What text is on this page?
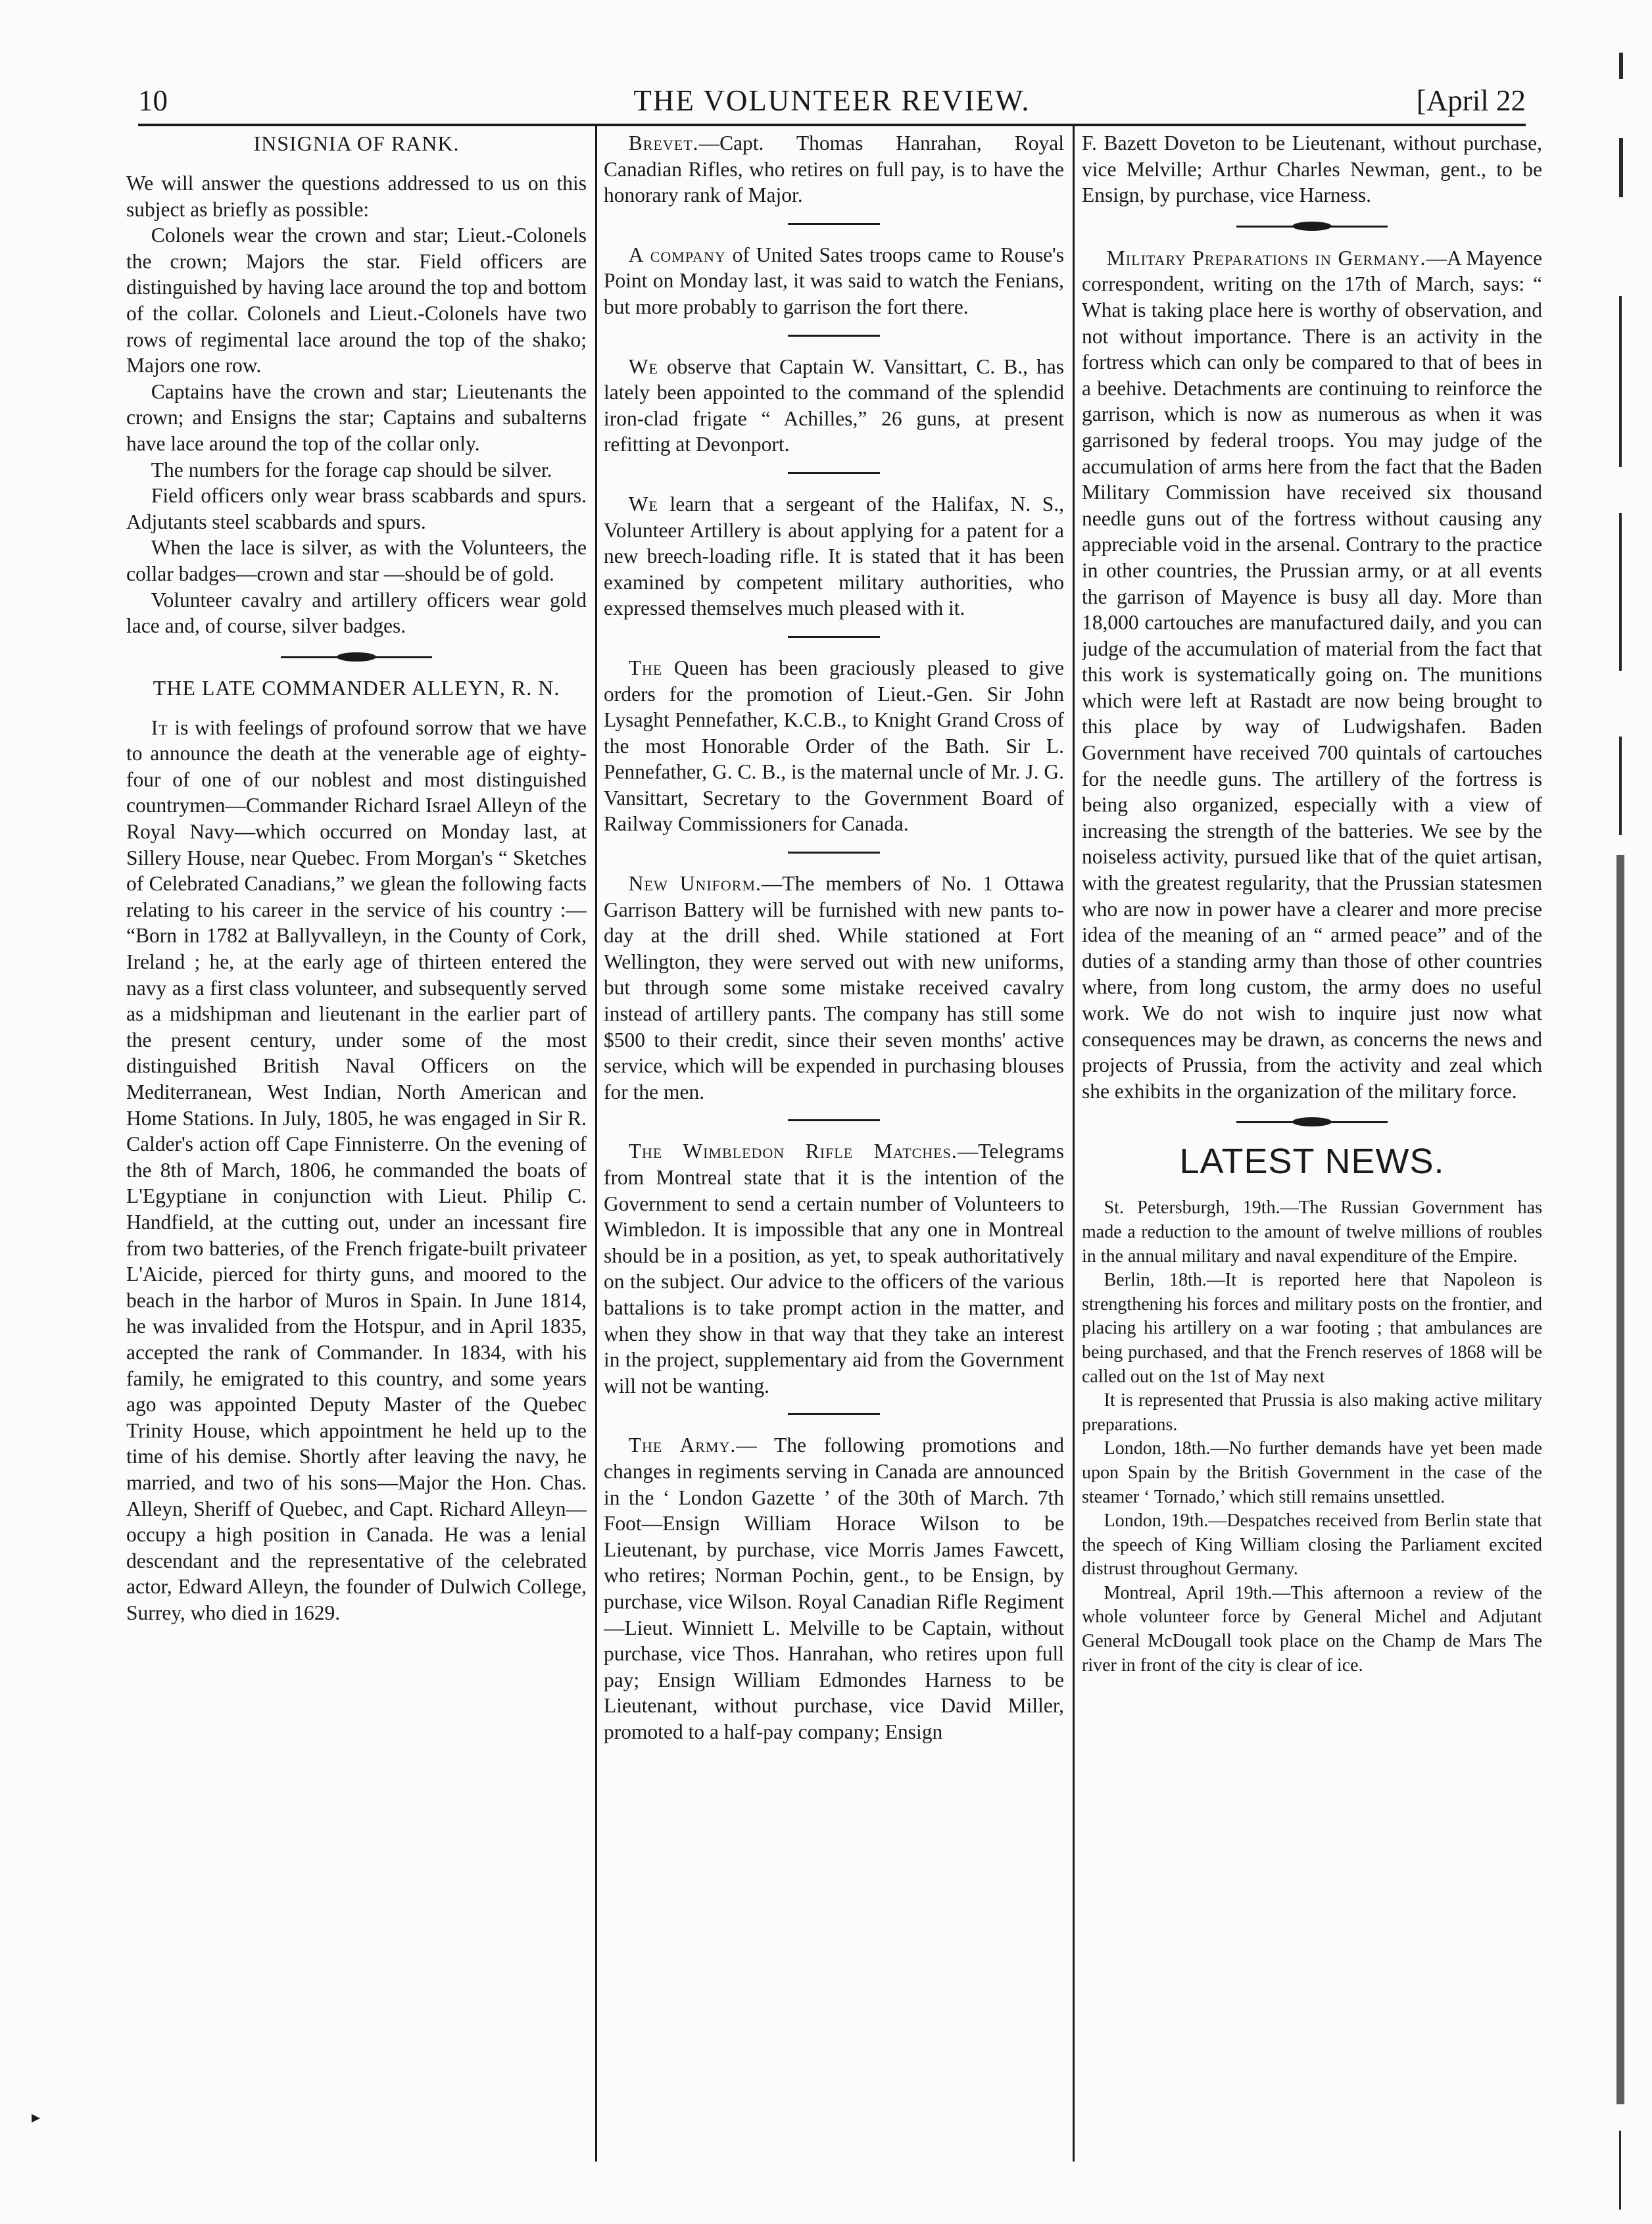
10	THE VOLUNTEER REVIEW.	[April 22
INSIGNIA OF RANK.

We will answer the questions addressed to us on this subject as briefly as possible:

Colonels wear the crown and star; Lieut.-Colonels the crown; Majors the star. Field officers are distinguished by having lace around the top and bottom of the collar. Colonels and Lieut.-Colonels have two rows of regimental lace around the top of the shako; Majors one row.

Captains have the crown and star; Lieutenants the crown; and Ensigns the star; Captains and subalterns have lace around the top of the collar only.

The numbers for the forage cap should be silver.

Field officers only wear brass scabbards and spurs. Adjutants steel scabbards and spurs.

When the lace is silver, as with the Volunteers, the collar badges—crown and star —should be of gold.

Volunteer cavalry and artillery officers wear gold lace and, of course, silver badges.

THE LATE COMMANDER ALLEYN, R. N.

It is with feelings of profound sorrow that we have to announce the death at the venerable age of eighty-four of one of our noblest and most distinguished countrymen—Commander Richard Israel Alleyn of the Royal Navy—which occurred on Monday last, at Sillery House, near Quebec. From Morgan's “ Sketches of Celebrated Canadians,” we glean the following facts relating to his career in the service of his country :— “Born in 1782 at Ballyvalleyn, in the County of Cork, Ireland ; he, at the early age of thirteen entered the navy as a first class volunteer, and subsequently served as a midshipman and lieutenant in the earlier part of the present century, under some of the most distinguished British Naval Officers on the Mediterranean, West Indian, North American and Home Stations. In July, 1805, he was engaged in Sir R. Calder's action off Cape Finnisterre. On the evening of the 8th of March, 1806, he commanded the boats of L'Egyptiane in conjunction with Lieut. Philip C. Handfield, at the cutting out, under an incessant fire from two batteries, of the French frigate-built privateer L'Aicide, pierced for thirty guns, and moored to the beach in the harbor of Muros in Spain. In June 1814, he was invalided from the Hotspur, and in April 1835, accepted the rank of Commander. In 1834, with his family, he emigrated to this country, and some years ago was appointed Deputy Master of the Quebec Trinity House, which appointment he held up to the time of his demise. Shortly after leaving the navy, he married, and two of his sons—Major the Hon. Chas. Alleyn, Sheriff of Quebec, and Capt. Richard Alleyn—occupy a high position in Canada. He was a lenial descendant and the representative of the celebrated actor, Edward Alleyn, the founder of Dulwich College, Surrey, who died in 1629.

Brevet.—Capt. Thomas Hanrahan, Royal Canadian Rifles, who retires on full pay, is to have the honorary rank of Major.

A company of United Sates troops came to Rouse's Point on Monday last, it was said to watch the Fenians, but more probably to garrison the fort there.

We observe that Captain W. Vansittart, C. B., has lately been appointed to the command of the splendid iron-clad frigate “ Achilles,” 26 guns, at present refitting at Devonport.

We learn that a sergeant of the Halifax, N. S., Volunteer Artillery is about applying for a patent for a new breech-loading rifle. It is stated that it has been examined by competent military authorities, who expressed themselves much pleased with it.

The Queen has been graciously pleased to give orders for the promotion of Lieut.-Gen. Sir John Lysaght Pennefather, K.C.B., to Knight Grand Cross of the most Honorable Order of the Bath. Sir L. Pennefather, G. C. B., is the maternal uncle of Mr. J. G. Vansittart, Secretary to the Government Board of Railway Commissioners for Canada.

New Uniform.—The members of No. 1 Ottawa Garrison Battery will be furnished with new pants to-day at the drill shed. While stationed at Fort Wellington, they were served out with new uniforms, but through some some mistake received cavalry instead of artillery pants. The company has still some $500 to their credit, since their seven months' active service, which will be expended in purchasing blouses for the men.

The Wimbledon Rifle Matches.—Telegrams from Montreal state that it is the intention of the Government to send a certain number of Volunteers to Wimbledon. It is impossible that any one in Montreal should be in a position, as yet, to speak authoritatively on the subject. Our advice to the officers of the various battalions is to take prompt action in the matter, and when they show in that way that they take an interest in the project, supplementary aid from the Government will not be wanting.

The Army.— The following promotions and changes in regiments serving in Canada are announced in the ‘ London Gazette ’ of the 30th of March. 7th Foot—Ensign William Horace Wilson to be Lieutenant, by purchase, vice Morris James Fawcett, who retires; Norman Pochin, gent., to be Ensign, by purchase, vice Wilson. Royal Canadian Rifle Regiment—Lieut. Winniett L. Melville to be Captain, without purchase, vice Thos. Hanrahan, who retires upon full pay; Ensign William Edmondes Harness to be Lieutenant, without purchase, vice David Miller, promoted to a half-pay company; Ensign

F. Bazett Doveton to be Lieutenant, without purchase, vice Melville; Arthur Charles Newman, gent., to be Ensign, by purchase, vice Harness.

Military Preparations in Germany.—A Mayence correspondent, writing on the 17th of March, says: “ What is taking place here is worthy of observation, and not without importance. There is an activity in the fortress which can only be compared to that of bees in a beehive. Detachments are continuing to reinforce the garrison, which is now as numerous as when it was garrisoned by federal troops. You may judge of the accumulation of arms here from the fact that the Baden Military Commission have received six thousand needle guns out of the fortress without causing any appreciable void in the arsenal. Contrary to the practice in other countries, the Prussian army, or at all events the garrison of Mayence is busy all day. More than 18,000 cartouches are manufactured daily, and you can judge of the accumulation of material from the fact that this work is systematically going on. The munitions which were left at Rastadt are now being brought to this place by way of Ludwigshafen. Baden Government have received 700 quintals of cartouches for the needle guns. The artillery of the fortress is being also organized, especially with a view of increasing the strength of the batteries. We see by the noiseless activity, pursued like that of the quiet artisan, with the greatest regularity, that the Prussian statesmen who are now in power have a clearer and more precise idea of the meaning of an “ armed peace” and of the duties of a standing army than those of other countries where, from long custom, the army does no useful work. We do not wish to inquire just now what consequences may be drawn, as concerns the news and projects of Prussia, from the activity and zeal which she exhibits in the organization of the military force.

LATEST NEWS.

St. Petersburgh, 19th.—The Russian Government has made a reduction to the amount of twelve millions of roubles in the annual military and naval expenditure of the Empire.

Berlin, 18th.—It is reported here that Napoleon is strengthening his forces and military posts on the frontier, and placing his artillery on a war footing ; that ambulances are being purchased, and that the French reserves of 1868 will be called out on the 1st of May next

It is represented that Prussia is also making active military preparations.

London, 18th.—No further demands have yet been made upon Spain by the British Government in the case of the steamer ‘ Tornado,’ which still remains unsettled.

London, 19th.—Despatches received from Berlin state that the speech of King William closing the Parliament excited distrust throughout Germany.

Montreal, April 19th.—This afternoon a review of the whole volunteer force by General Michel and Adjutant General McDougall took place on the Champ de Mars The river in front of the city is clear of ice.

▸
